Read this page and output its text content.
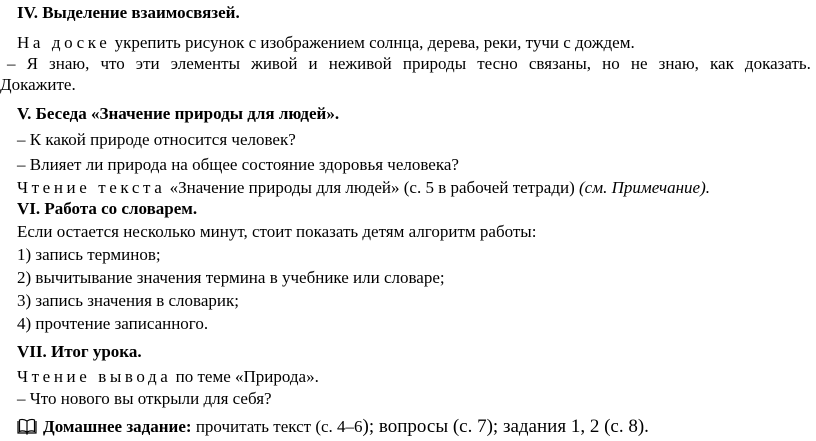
IV. Выделение взаимосвязей.
На доске укрепить рисунок с изображением солнца, дерева, реки, тучи с дождем.
– Я знаю, что эти элементы живой и неживой природы тесно связаны, но не знаю, как доказать.
Докажите.
V. Беседа «Значение природы для людей».
– К какой природе относится человек?
– Влияет ли природа на общее состояние здоровья человека?
Чтение текста «Значение природы для людей» (с. 5 в рабочей тетради) (см. Примечание).
VI. Работа со словарем.
Если остается несколько минут, стоит показать детям алгоритм работы:
1) запись терминов;
2) вычитывание значения термина в учебнике или словаре;
3) запись значения в словарик;
4) прочтение записанного.
VII. Итог урока.
Чтение вывода по теме «Природа».
– Что нового вы открыли для себя?
Домашнее задание: прочитать текст (с. 4–6); вопросы (с. 7); задания 1, 2 (с. 8).
